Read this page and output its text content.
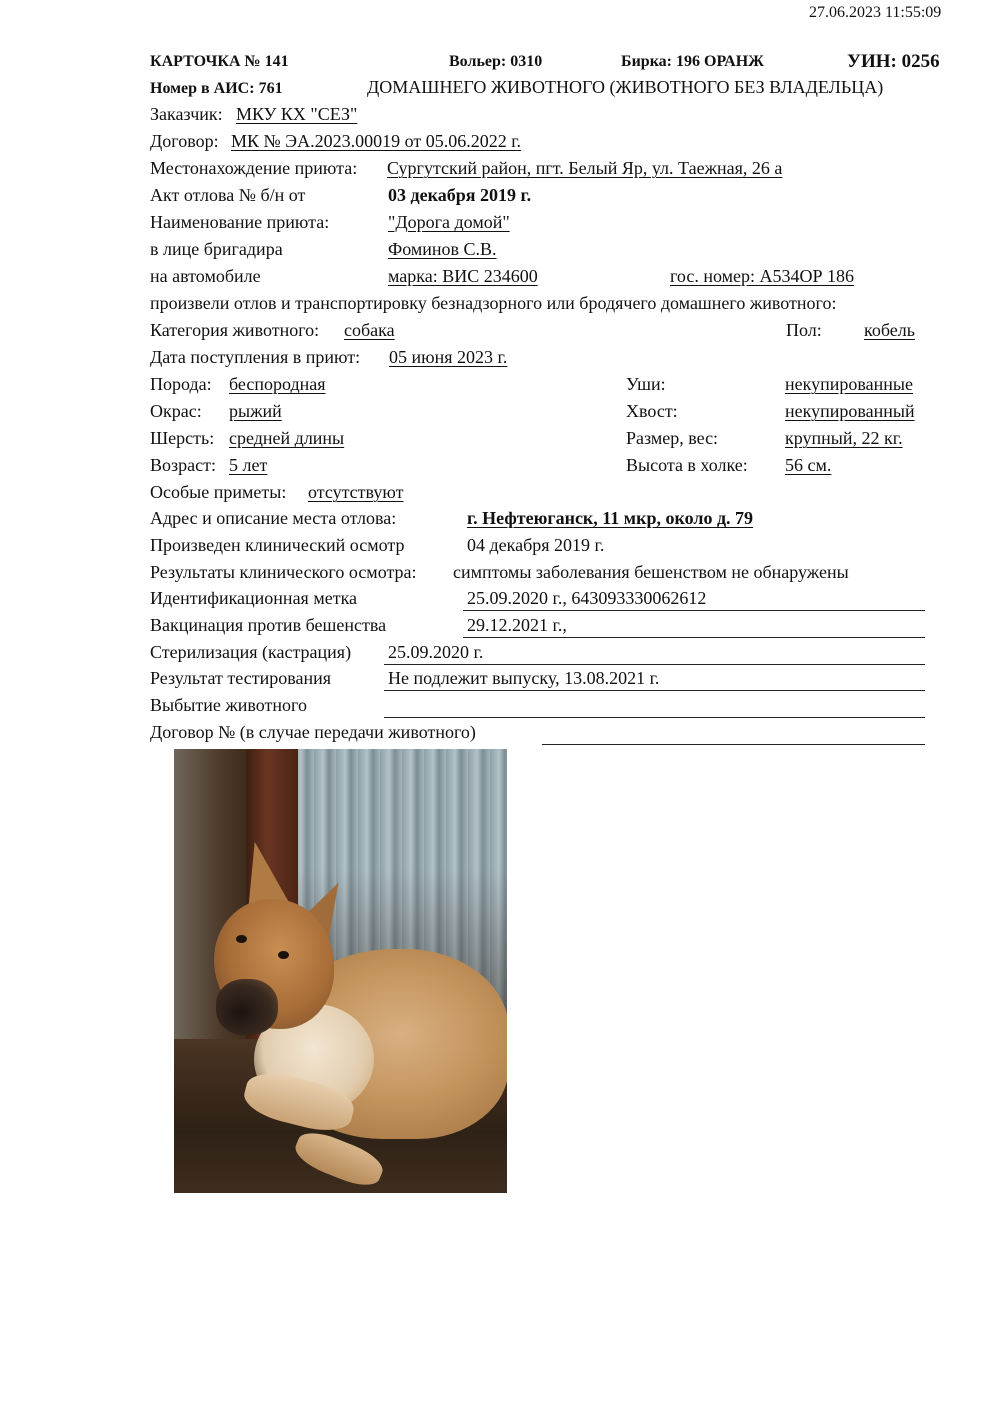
27.06.2023 11:55:09
КАРТОЧКА № 141	Вольер: 0310	Бирка: 196 ОРАНЖ	УИН: 0256
Номер в АИС: 761	ДОМАШНЕГО ЖИВОТНОГО (ЖИВОТНОГО БЕЗ ВЛАДЕЛЬЦА)
Заказчик: МКУ КХ "СЕЗ"
Договор: МК № ЭА.2023.00019 от 05.06.2022 г.
Местонахождение приюта: Сургутский район, пгт. Белый Яр, ул. Таежная, 26 а
Акт отлова № б/н от	03 декабря 2019 г.
Наименование приюта:	"Дорога домой"
в лице бригадира	Фоминов С.В.
на автомобиле	марка: ВИС 234600	гос. номер: А534ОР 186
произвели отлов и транспортировку безнадзорного или бродячего домашнего животного:
Категория животного: собака	Пол: кобель
Дата поступления в приют: 05 июня 2023 г.
Порода: беспородная	Уши:	некупированные
Окрас: рыжий	Хвост:	некупированный
Шерсть: средней длины	Размер, вес:	крупный, 22 кг.
Возраст: 5 лет	Высота в холке: 56 см.
Особые приметы: отсутствуют
Адрес и описание места отлова:	г. Нефтеюганск, 11 мкр, около д. 79
Произведен клинический осмотр	04 декабря 2019 г.
Результаты клинического осмотра: симптомы заболевания бешенством не обнаружены
Идентификационная метка	25.09.2020 г., 643093330062612
Вакцинация против бешенства	29.12.2021 г.,
Стерилизация (кастрация) 25.09.2020 г.
Результат тестирования	Не подлежит выпуску, 13.08.2021 г.
Выбытие животного
Договор № (в случае передачи животного)
